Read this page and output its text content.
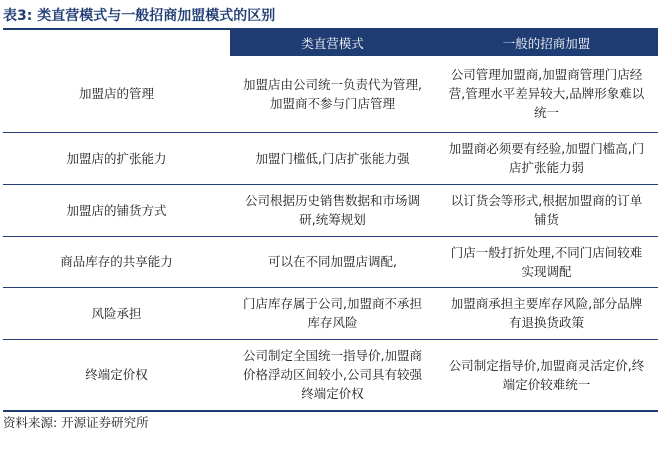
表3: 类直营模式与一般招商加盟模式的区别
	类直营模式	一般的招商加盟
加盟店的管理	加盟店由公司统一负责代为管理,加盟商不参与门店管理	公司管理加盟商,加盟商管理门店经营,管理水平差异较大,品牌形象难以统一
加盟店的扩张能力	加盟门槛低,门店扩张能力强	加盟商必须要有经验,加盟门槛高,门店扩张能力弱
加盟店的铺货方式	公司根据历史销售数据和市场调研,统筹规划	以订货会等形式,根据加盟商的订单铺货
商品库存的共享能力	可以在不同加盟店调配,	门店一般打折处理,不同门店间较难实现调配
风险承担	门店库存属于公司,加盟商不承担库存风险	加盟商承担主要库存风险,部分品牌有退换货政策
终端定价权	公司制定全国统一指导价,加盟商价格浮动区间较小,公司具有较强终端定价权	公司制定指导价,加盟商灵活定价,终端定价较难统一
资料来源: 开源证券研究所
